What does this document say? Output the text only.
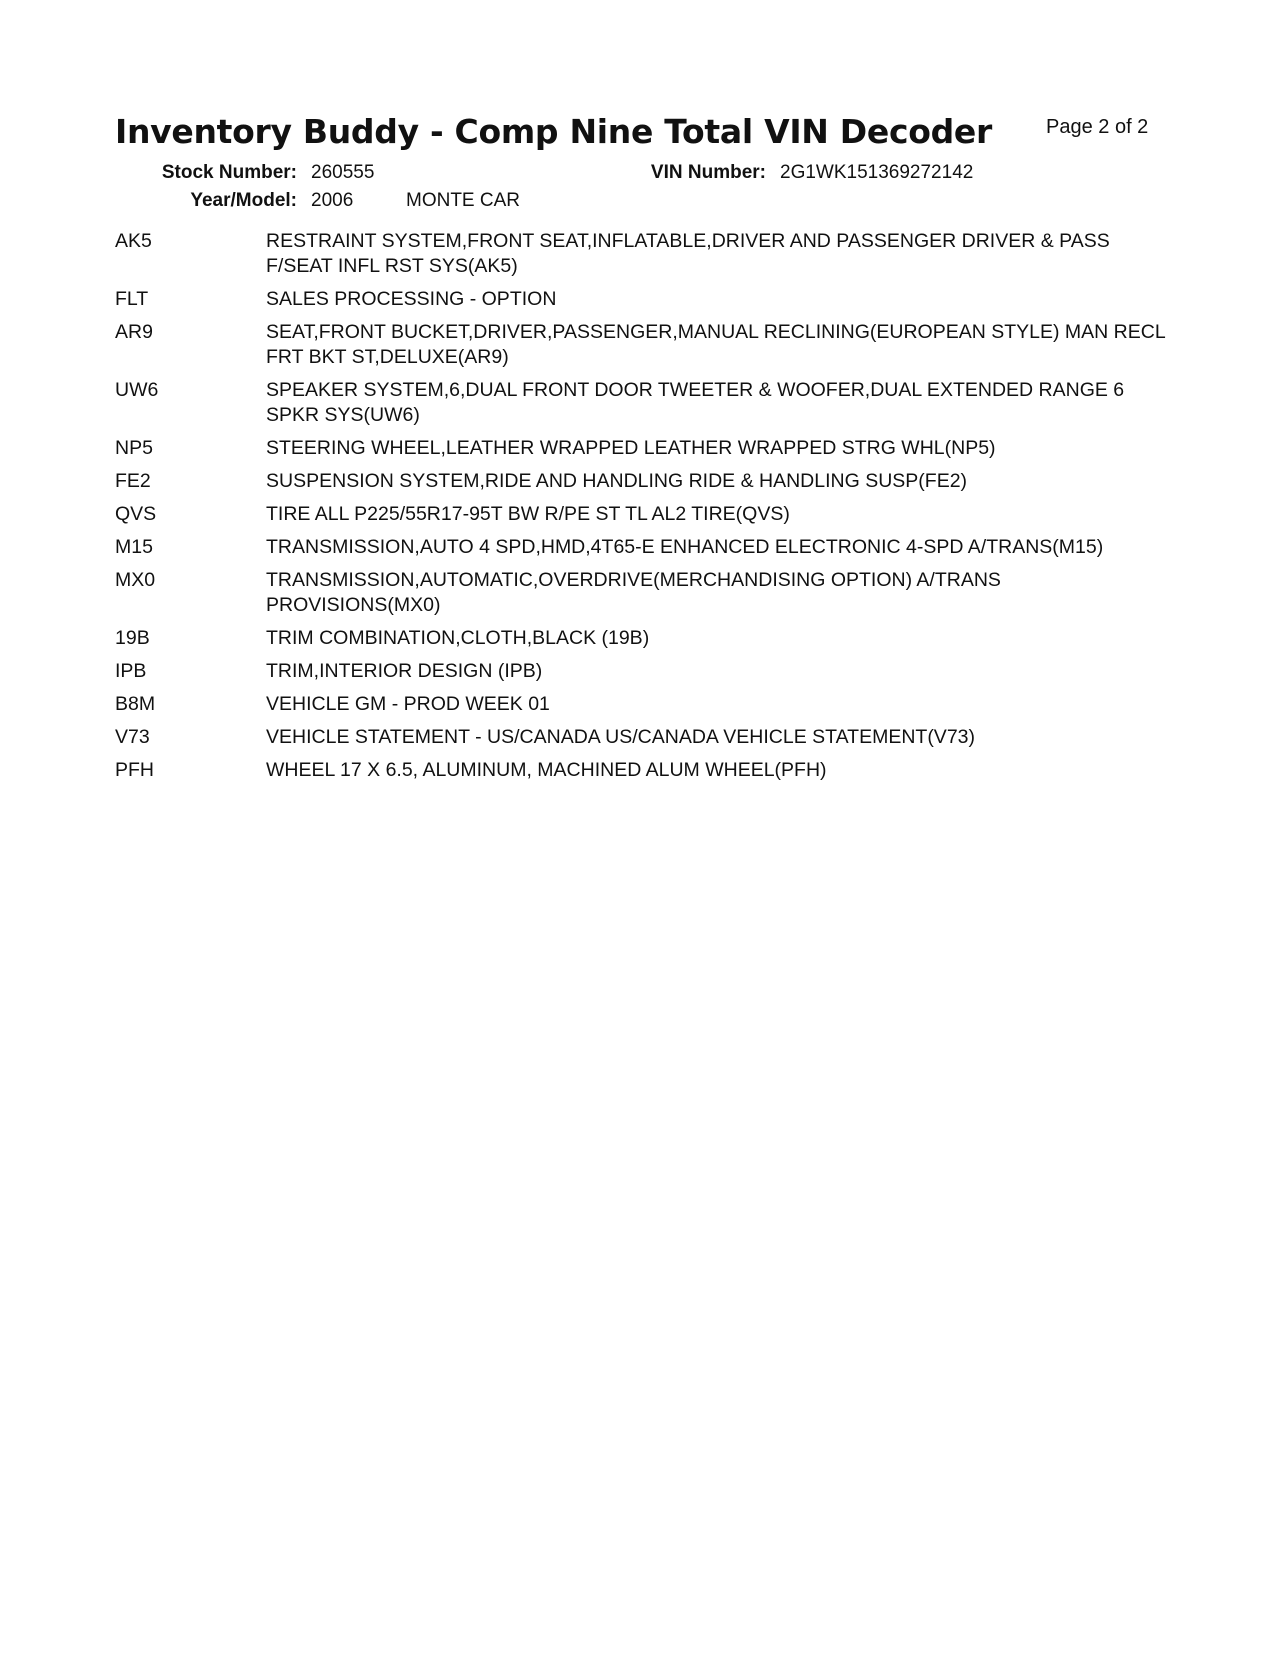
Inventory Buddy - Comp Nine Total VIN Decoder	Page 2 of 2
Stock Number: 260555	VIN Number: 2G1WK151369272142
Year/Model: 2006	MONTE CAR
AK5	RESTRAINT SYSTEM,FRONT SEAT,INFLATABLE,DRIVER AND PASSENGER DRIVER & PASS F/SEAT INFL RST SYS(AK5)
FLT	SALES PROCESSING - OPTION
AR9	SEAT,FRONT BUCKET,DRIVER,PASSENGER,MANUAL RECLINING(EUROPEAN STYLE) MAN RECL FRT BKT ST,DELUXE(AR9)
UW6	SPEAKER SYSTEM,6,DUAL FRONT DOOR TWEETER & WOOFER,DUAL EXTENDED RANGE 6 SPKR SYS(UW6)
NP5	STEERING WHEEL,LEATHER WRAPPED LEATHER WRAPPED STRG WHL(NP5)
FE2	SUSPENSION SYSTEM,RIDE AND HANDLING RIDE & HANDLING SUSP(FE2)
QVS	TIRE ALL P225/55R17-95T BW R/PE ST TL AL2 TIRE(QVS)
M15	TRANSMISSION,AUTO 4 SPD,HMD,4T65-E ENHANCED ELECTRONIC 4-SPD A/TRANS(M15)
MX0	TRANSMISSION,AUTOMATIC,OVERDRIVE(MERCHANDISING OPTION) A/TRANS PROVISIONS(MX0)
19B	TRIM COMBINATION,CLOTH,BLACK (19B)
IPB	TRIM,INTERIOR DESIGN (IPB)
B8M	VEHICLE GM - PROD WEEK 01
V73	VEHICLE STATEMENT - US/CANADA US/CANADA VEHICLE STATEMENT(V73)
PFH	WHEEL 17 X 6.5, ALUMINUM, MACHINED ALUM WHEEL(PFH)
